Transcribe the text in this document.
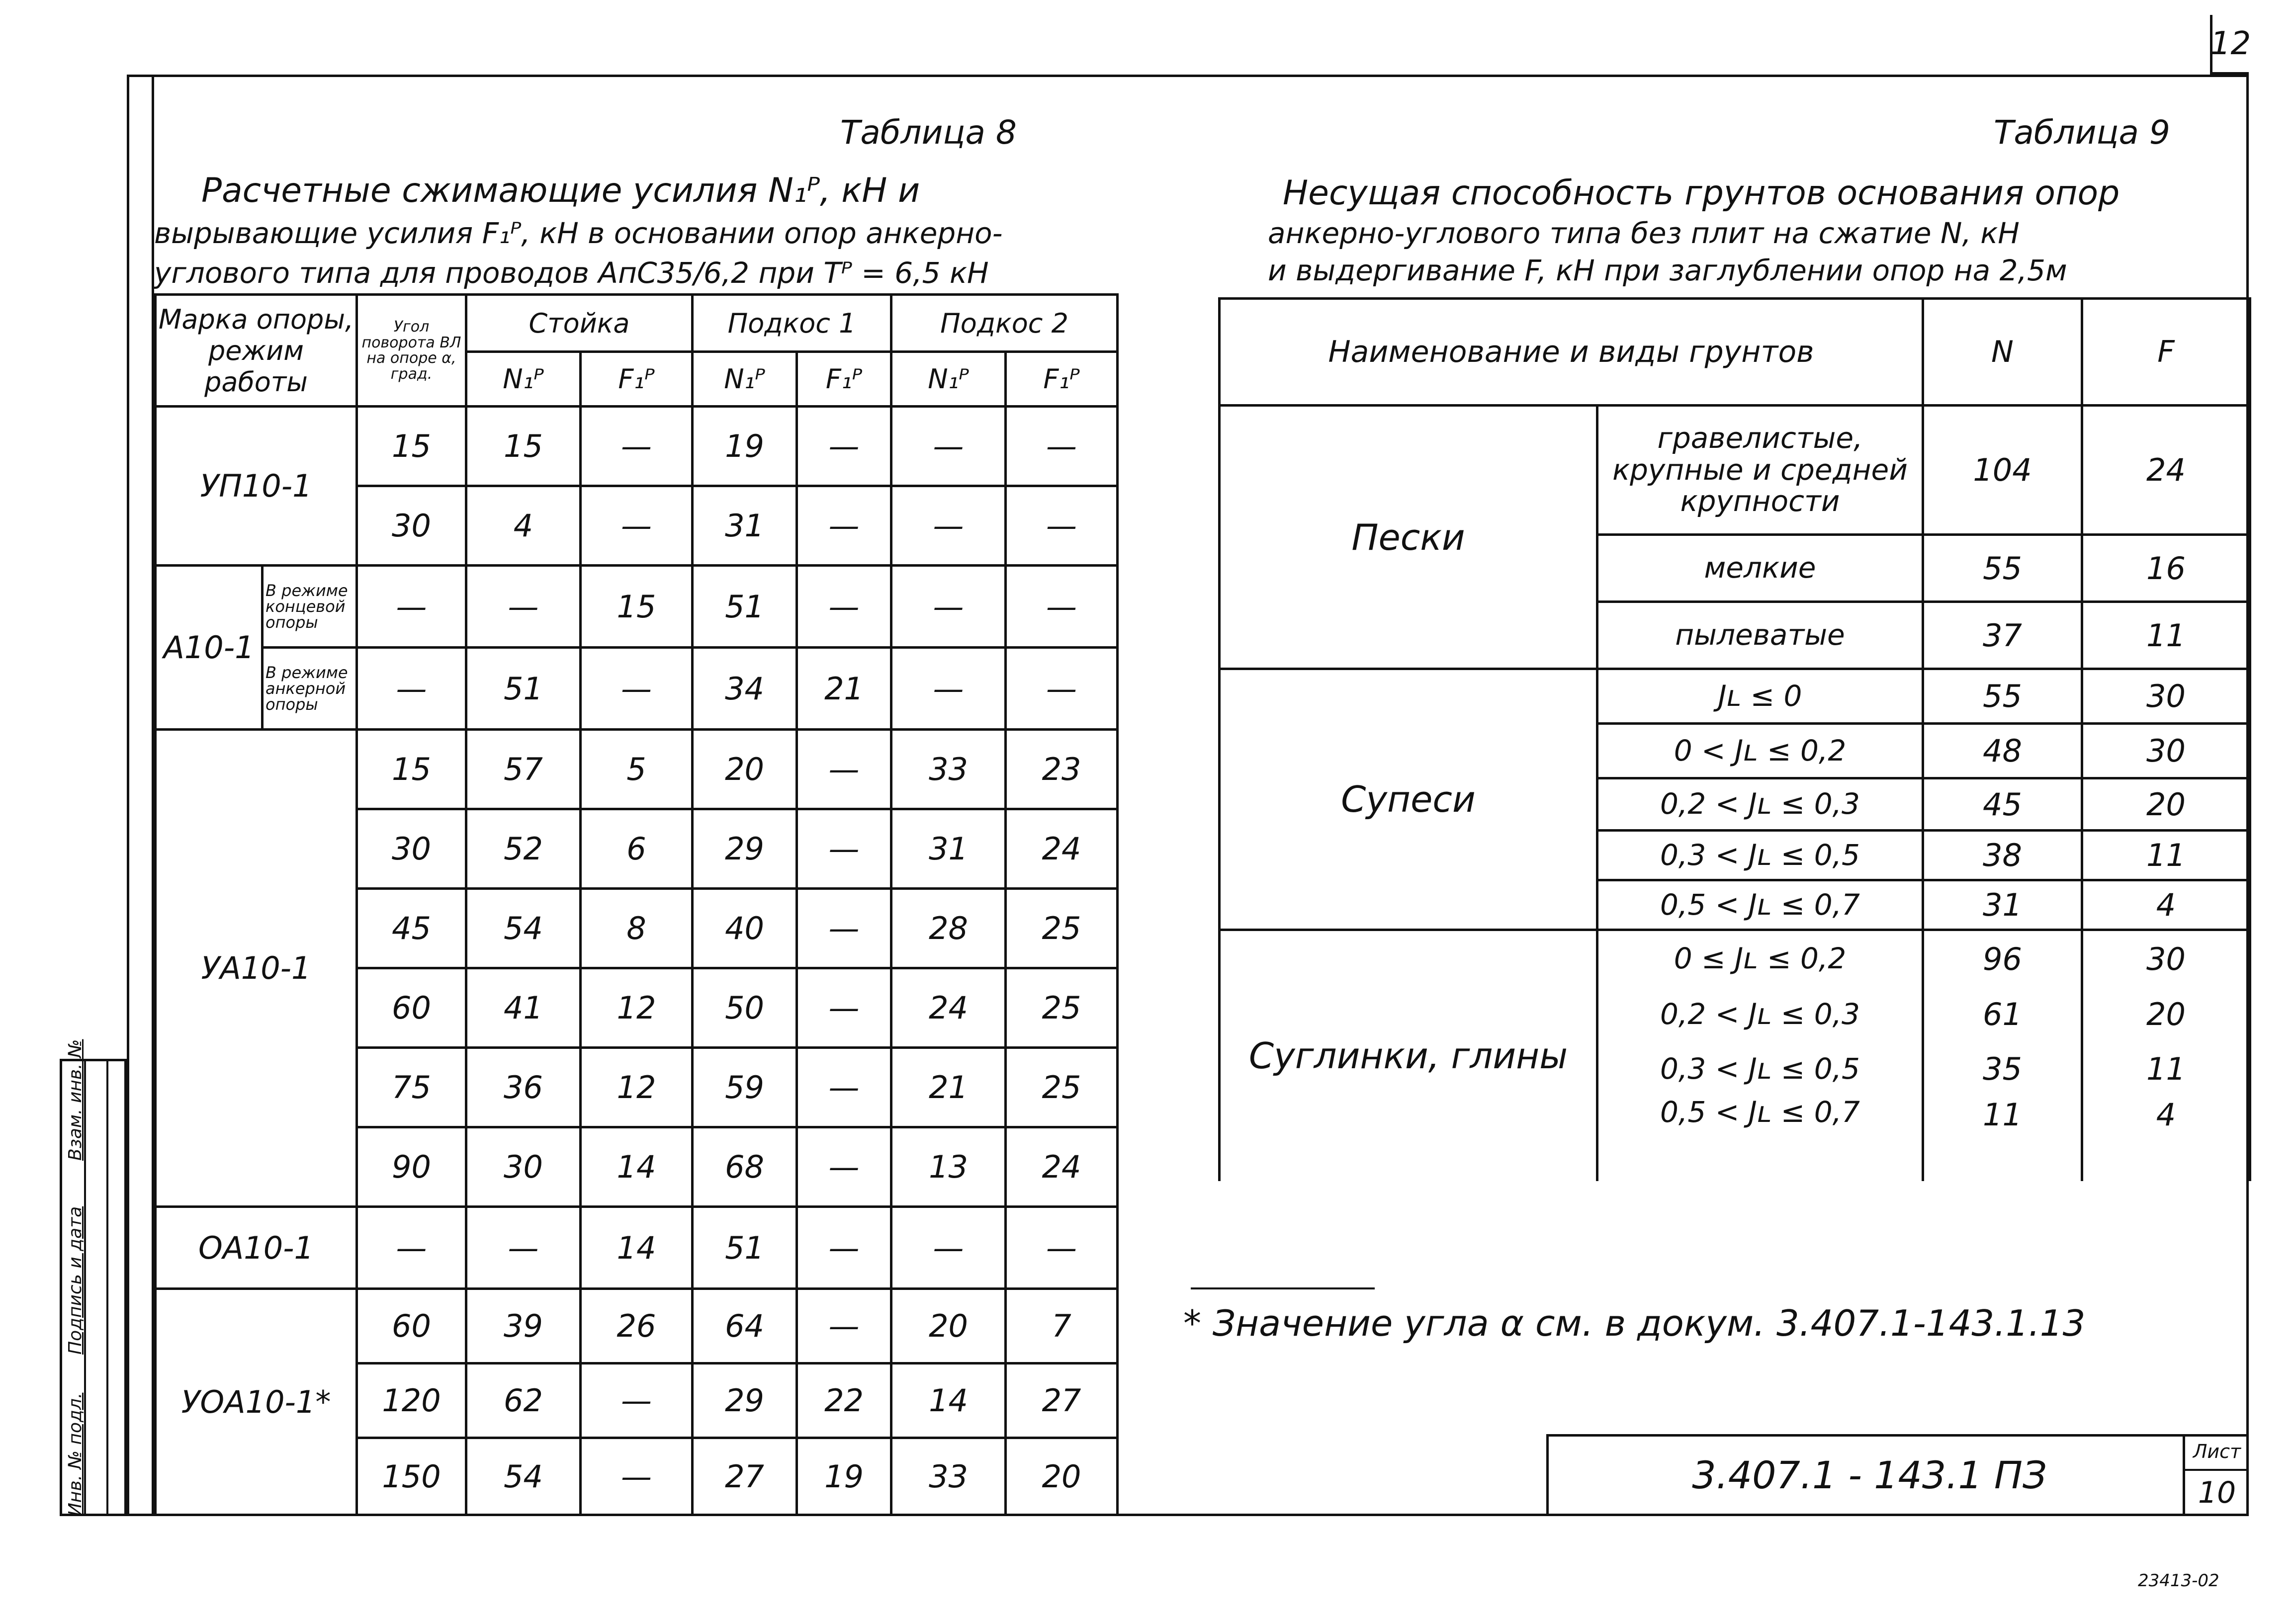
12
Инв. № подл.
Подпись и дата
Взам. инв. №
Таблица 8
Расчетные сжимающие усилия N₁ᴾ, кН и
вырывающие усилия F₁ᴾ, кН в основании опор анкерно-
углового типа для проводов АпС35/6,2 при Тᴾ = 6,5 кН
Марка опоры, режим работы		Угол поворота ВЛ на опоре α, град.	Стойка		Подкос 1		Подкос 2	
			N₁ᴾ	F₁ᴾ	N₁ᴾ	F₁ᴾ	N₁ᴾ	F₁ᴾ
УП10-1		15	15	—	19	—	—	—
		30	4	—	31	—	—	—
А10-1	В режиме концевой опоры	—	—	15	51	—	—	—
	В режиме анкерной опоры	—	51	—	34	21	—	—
УА10-1		15	57	5	20	—	33	23
		30	52	6	29	—	31	24
		45	54	8	40	—	28	25
		60	41	12	50	—	24	25
		75	36	12	59	—	21	25
		90	30	14	68	—	13	24
ОА10-1		—	—	14	51	—	—	—
УОА10-1*		60	39	26	64	—	20	7
		120	62	—	29	22	14	27
		150	54	—	27	19	33	20
Таблица 9
Несущая способность грунтов основания опор
анкерно-углового типа без плит на сжатие N, кН
и выдергивание F, кН при заглублении опор на 2,5м
Наименование и виды грунтов		N	F
Пески	гравелистые, крупные и средней крупности	104	24
	мелкие	55	16
	пылеватые	37	11
Супеси	Jʟ ≤ 0	55	30
	0 < Jʟ ≤ 0,2	48	30
	0,2 < Jʟ ≤ 0,3	45	20
	0,3 < Jʟ ≤ 0,5	38	11
	0,5 < Jʟ ≤ 0,7	31	4
Суглинки, глины	0 ≤ Jʟ ≤ 0,2	96	30
	0,2 < Jʟ ≤ 0,3	61	20
	0,3 < Jʟ ≤ 0,5	35	11
	0,5 < Jʟ ≤ 0,7	11	4
* Значение угла α см. в докум. 3.407.1-143.1.13
3.407.1 - 143.1 ПЗ
Лист
10
23413-02
